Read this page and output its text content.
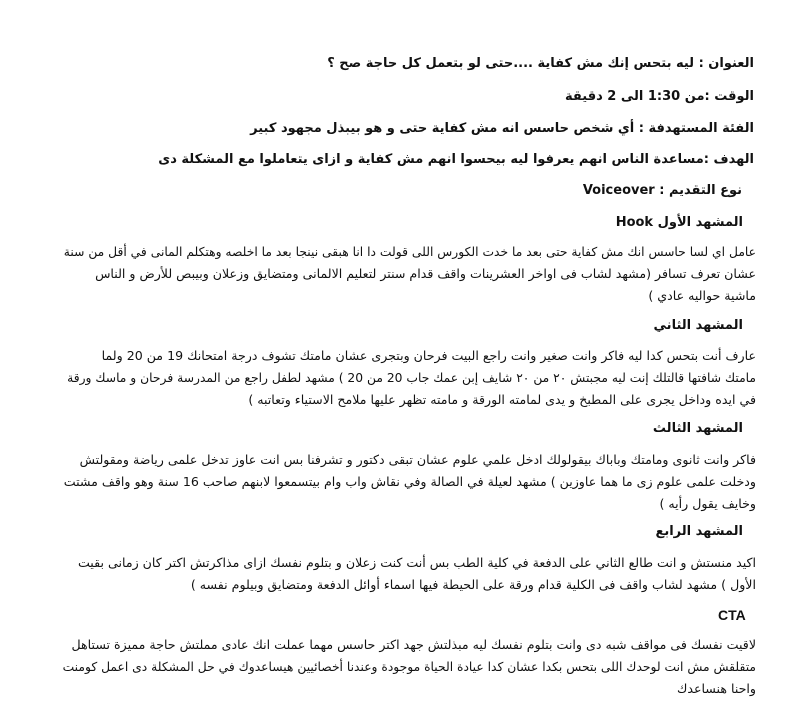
العنوان : ليه بتحس إنك مش كفاية ....حتى لو بتعمل كل حاجة صح ؟
الوقت :من 1:30 الى 2 دقيقة
الفئة المستهدفة : أي شخص حاسس انه مش كفاية حتى و هو بيبذل مجهود كبير
الهدف :مساعدة الناس انهم يعرفوا ليه بيحسوا انهم مش كفاية و ازاى يتعاملوا مع المشكلة دى
نوع التقديم : Voiceover
المشهد الأول Hook

عامل اي لسا حاسس انك مش كفاية حتى بعد ما خدت الكورس اللى قولت دا انا هبقى نينجا بعد ما اخلصه وهتكلم المانى في أقل من سنة

عشان تعرف تسافر (مشهد لشاب فى اواخر العشرينات واقف قدام سنتر لتعليم الالمانى ومتضايق وزعلان وبيبص للأرض و الناس

ماشية حواليه عادي )

المشهد الثاني

عارف أنت بتحس كدا ليه فاكر وانت صغير وانت راجع البيت فرحان وبتجرى عشان مامتك تشوف درجة امتحانك 19 من 20 ولما

مامتك شافتها قالتلك إنت ليه مجبتش ٢٠ من ٢٠ شايف إبن عمك جاب 20 من 20 ) مشهد لطفل راجع من المدرسة فرحان و ماسك ورقة

في ايده وداخل يجرى على المطبخ و يدى لمامته الورقة و مامته تظهر عليها ملامح الاستياء وتعاتبه )

المشهد الثالث

فاكر وانت ثانوى ومامتك وباباك بيقولولك ادخل علمي علوم عشان تبقى دكتور و تشرفنا بس انت عاوز تدخل علمى رياضة ومقولتش

ودخلت علمى علوم زى ما هما عاوزين ) مشهد لعيلة في الصالة وفي نقاش واب وام بيتسمعوا لابنهم صاحب 16 سنة وهو واقف مشتت

وخايف يقول رأيه )

المشهد الرابع

اكيد منستش و انت طالع الثاني على الدفعة في كلية الطب بس أنت كنت زعلان و بتلوم نفسك ازاى مذاكرتش اكتر كان زمانى بقيت

الأول ) مشهد لشاب واقف فى الكلية قدام ورقة على الحيطة فيها اسماء أوائل الدفعة ومتضايق وبيلوم نفسه )

CTA

لاقيت نفسك فى مواقف شبه دى وانت بتلوم نفسك ليه مبذلتش جهد اكتر حاسس مهما عملت انك عادى مملتش حاجة مميزة تستاهل

متقلقش مش انت لوحدك اللى بتحس بكدا عشان كدا عيادة الحياة موجودة وعندنا أخصائيين هيساعدوك في حل المشكلة دى اعمل كومنت

واحنا هنساعدك
